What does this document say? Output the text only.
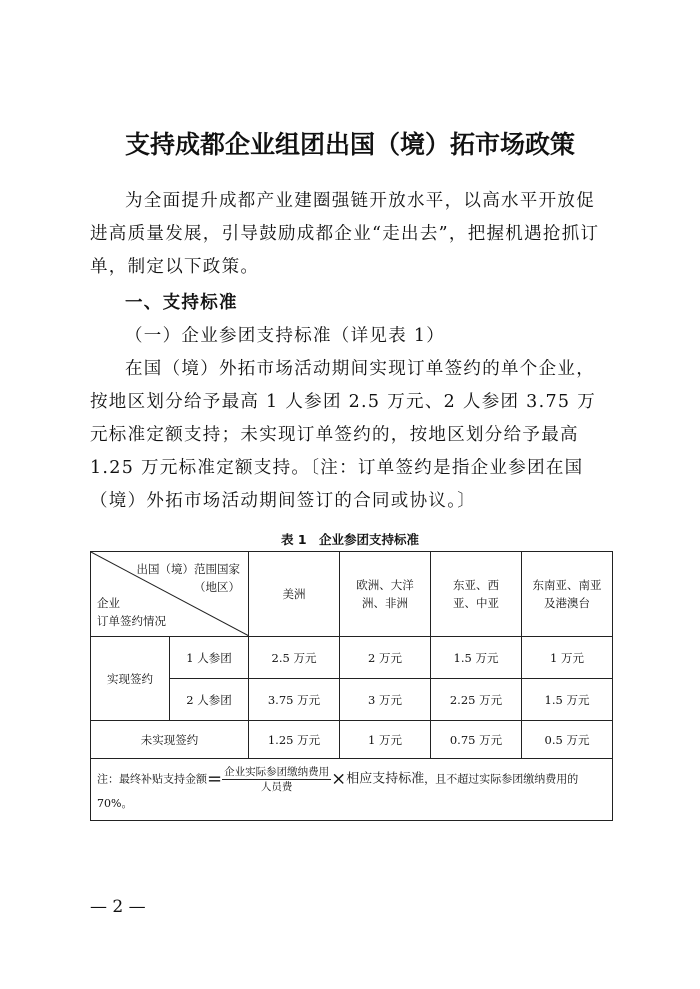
支持成都企业组团出国（境）拓市场政策
为全面提升成都产业建圈强链开放水平，以高水平开放促进高质量发展，引导鼓励成都企业“走出去”，把握机遇抢抓订单，制定以下政策。
一、支持标准
（一）企业参团支持标准（详见表 1）
在国（境）外拓市场活动期间实现订单签约的单个企业，按地区划分给予最高 1 人参团 2.5 万元、2 人参团 3.75 万元标准定额支持；未实现订单签约的，按地区划分给予最高 1.25 万元标准定额支持。〔注：订单签约是指企业参团在国（境）外拓市场活动期间签订的合同或协议。〕
表 1　企业参团支持标准
出国（境）范围国家（地区）
企业
订单签约情况		美洲	欧洲、大洋洲、非洲	东亚、西亚、中亚	东南亚、南亚及港澳台
实现签约	1 人参团	2.5 万元	2 万元	1.5 万元	1 万元
	2 人参团	3.75 万元	3 万元	2.25 万元	1.5 万元
未实现签约		1.25 万元	1 万元	0.75 万元	0.5 万元
注：最终补贴支持金额= $\frac{\text{企业实际参团缴纳费用}}{\text{人员费}}$ ×相应支持标准，且不超过实际参团缴纳费用的 70%。					
— 2 —
